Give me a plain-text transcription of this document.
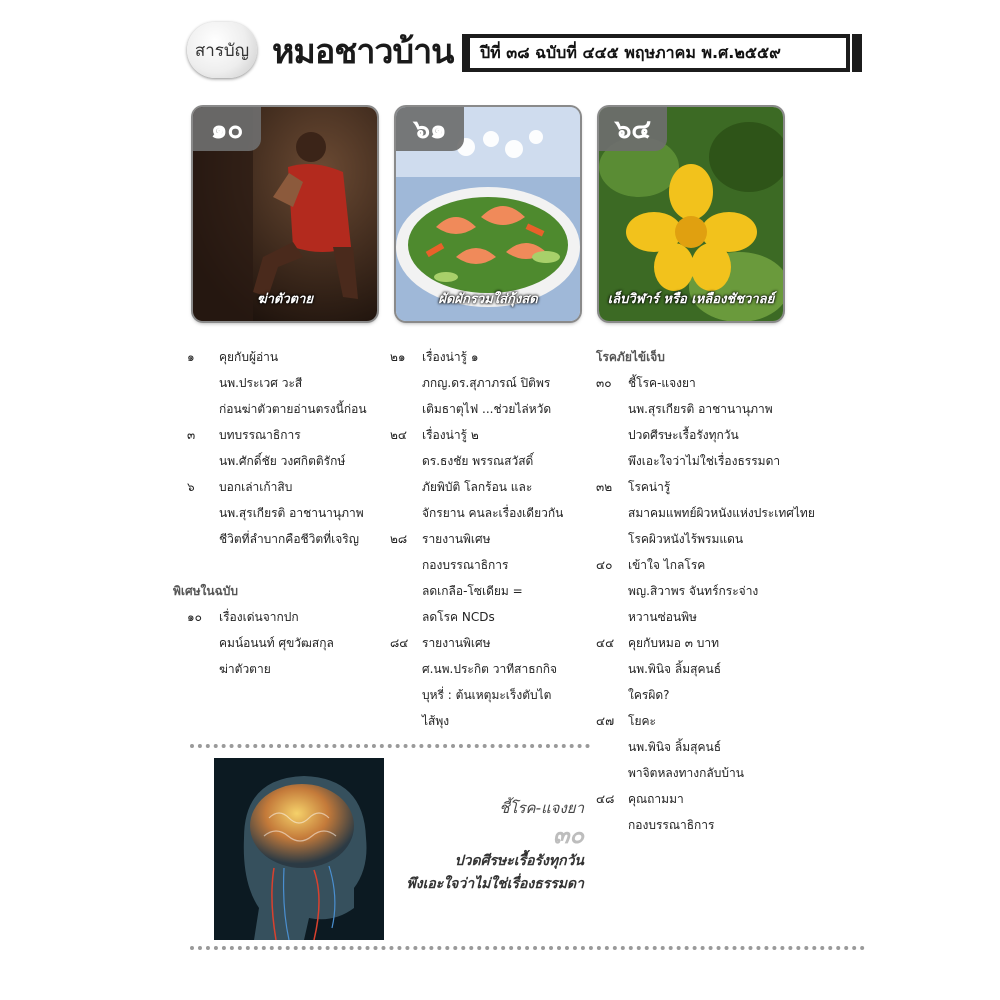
สารบัญ หมอชาวบ้าน	ปีที่ ๓๘ ฉบับที่ ๔๔๕ พฤษภาคม พ.ศ.๒๕๕๙
๑๐
ฆ่าตัวตาย
๖๑
ผัดผักรวมใส่กุ้งสด
๖๔
เล็บวิฬาร์ หรือ เหลืองชัชวาลย์
๑	คุยกับผู้อ่าน
นพ.ประเวศ วะสี
ก่อนฆ่าตัวตายอ่านตรงนี้ก่อน
๓	บทบรรณาธิการ
นพ.ศักดิ์ชัย วงศกิตติรักษ์
๖	บอกเล่าเก้าสิบ
นพ.สุรเกียรติ อาชานานุภาพ
ชีวิตที่ลำบากคือชีวิตที่เจริญ
พิเศษในฉบับ
๑๐	เรื่องเด่นจากปก
คมน์อนนท์ ศุขวัฒสกุล
ฆ่าตัวตาย
๒๑	เรื่องน่ารู้ ๑
ภกญ.ดร.สุภาภรณ์ ปิติพร
เติมธาตุไฟ ...ช่วยไล่หวัด
๒๔	เรื่องน่ารู้ ๒
ดร.ธงชัย พรรณสวัสดิ์
ภัยพิบัติ โลกร้อน และ
จักรยาน คนละเรื่องเดียวกัน
๒๘	รายงานพิเศษ
กองบรรณาธิการ
ลดเกลือ-โซเดียม =
ลดโรค NCDs
๘๔	รายงานพิเศษ
ศ.นพ.ประกิต วาทีสาธกกิจ
บุหรี่ : ต้นเหตุมะเร็งตับไต
ไส้พุง
โรคภัยไข้เจ็บ
๓๐	ชี้โรค-แจงยา
นพ.สุรเกียรติ อาชานานุภาพ
ปวดศีรษะเรื้อรังทุกวัน
พึงเอะใจว่าไม่ใช่เรื่องธรรมดา
๓๒	โรคน่ารู้
สมาคมแพทย์ผิวหนังแห่งประเทศไทย
โรคผิวหนังไร้พรมแดน
๔๐	เข้าใจ ไกลโรค
พญ.สิวาพร จันทร์กระจ่าง
หวานซ่อนพิษ
๔๔	คุยกับหมอ ๓ บาท
นพ.พินิจ ลิ้มสุคนธ์
ใครผิด?
๔๗	โยคะ
นพ.พินิจ ลิ้มสุคนธ์
พาจิตหลงทางกลับบ้าน
๔๘	คุณถามมา
กองบรรณาธิการ
ชี้โรค-แจงยา
๓๐
ปวดศีรษะเรื้อรังทุกวัน
พึงเอะใจว่าไม่ใช่เรื่องธรรมดา
